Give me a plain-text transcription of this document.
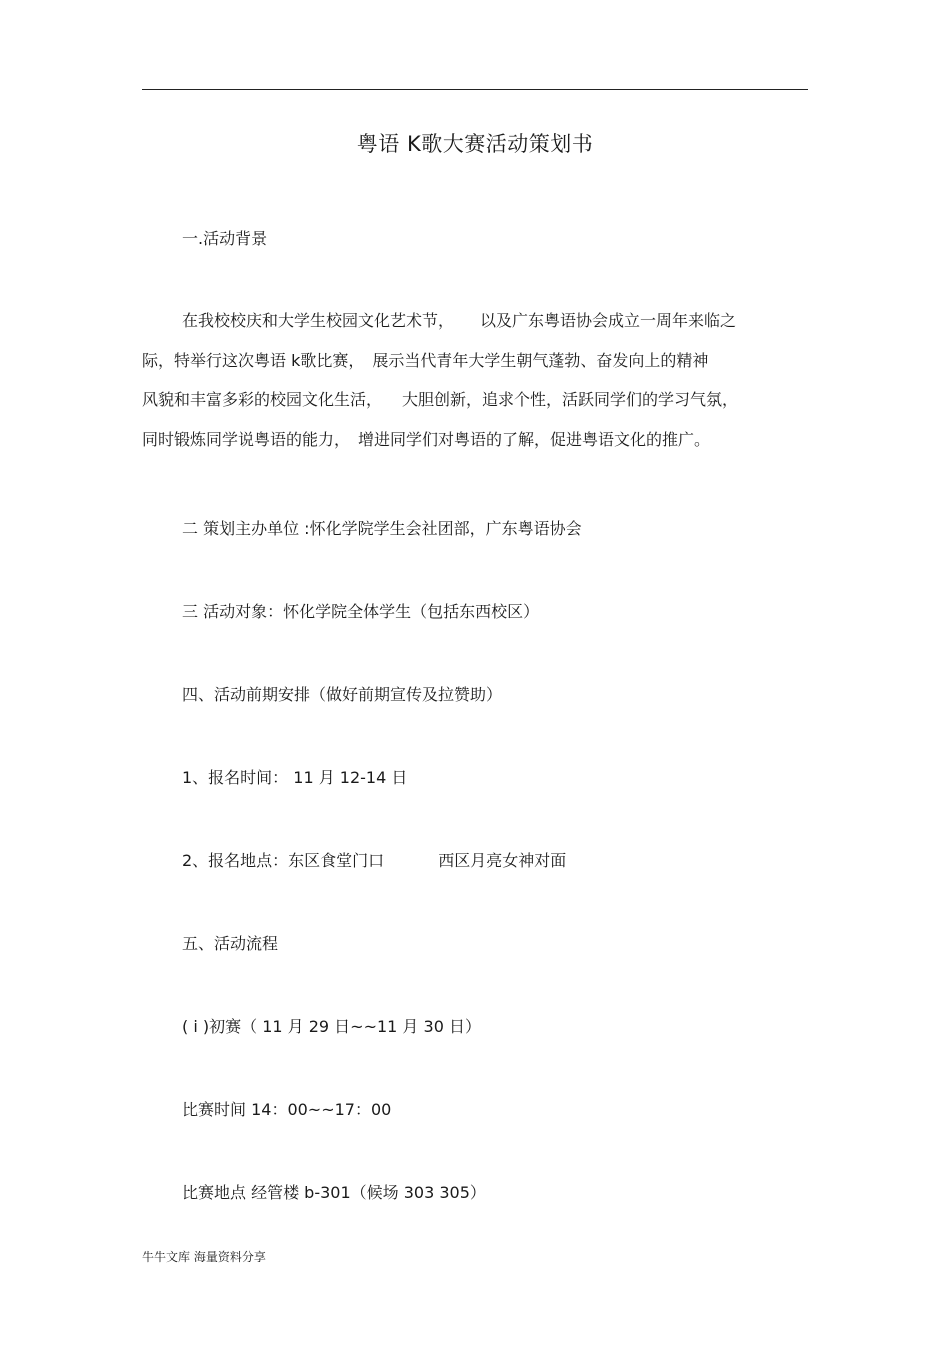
粤语 K歌大赛活动策划书
一.活动背景
在我校校庆和大学生校园文化艺术节， 以及广东粤语协会成立一周年来临之
际，特举行这次粤语 k歌比赛， 展示当代青年大学生朝气蓬勃、奋发向上的精神
风貌和丰富多彩的校园文化生活， 大胆创新，追求个性，活跃同学们的学习气氛，
同时锻炼同学说粤语的能力， 增进同学们对粤语的了解，促进粤语文化的推广。
二 策划主办单位 :怀化学院学生会社团部，广东粤语协会
三 活动对象：怀化学院全体学生（包括东西校区）
四、活动前期安排（做好前期宣传及拉赞助）
1、报名时间： 11 月 12-14 日
2、报名地点：东区食堂门口	西区月亮女神对面
五、活动流程
( i )初赛（ 11 月 29 日~~11 月 30 日）
比赛时间 14：00~~17：00
比赛地点 经管楼 b-301（候场 303 305）
牛牛文库 海量资料分享
